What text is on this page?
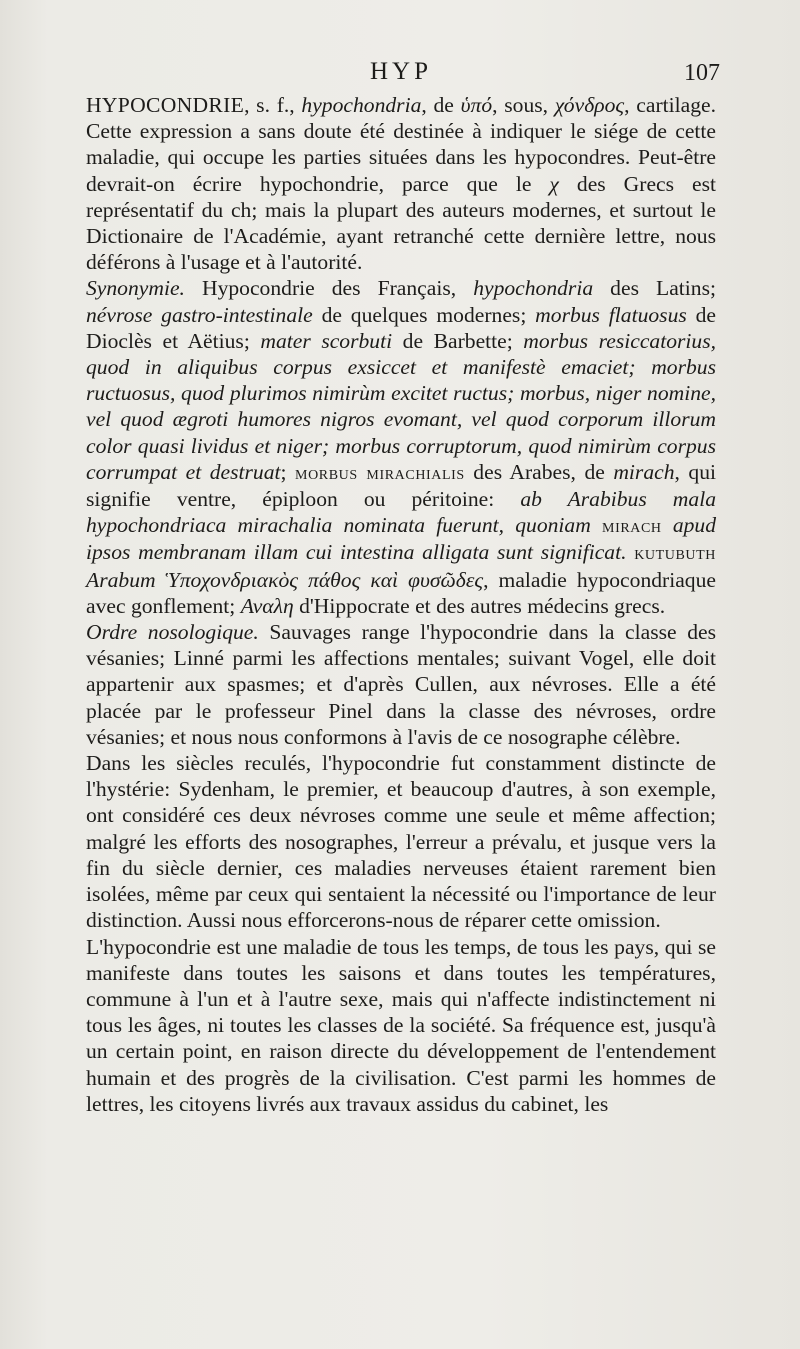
HYP	107

HYPOCONDRIE, s. f., hypochondria, de ὑπό, sous, χόνδρος, cartilage. Cette expression a sans doute été destinée à indiquer le siége de cette maladie, qui occupe les parties situées dans les hypocondres. Peut-être devrait-on écrire hypochondrie, parce que le χ des Grecs est représentatif du ch; mais la plupart des auteurs modernes, et surtout le Dictionaire de l'Académie, ayant retranché cette dernière lettre, nous déférons à l'usage et à l'autorité.

Synonymie. Hypocondrie des Français, hypochondria des Latins; névrose gastro-intestinale de quelques modernes; morbus flatuosus de Dioclès et Aëtius; mater scorbuti de Barbette; morbus resiccatorius, quod in aliquibus corpus exsiccet et manifestè emaciet; morbus ructuosus, quod plurimos nimirùm excitet ructus; morbus, niger nomine, vel quod ægroti humores nigros evomant, vel quod corporum illorum color quasi lividus et niger; morbus corruptorum, quod nimirùm corpus corrumpat et destruat; morbus mirachialis des Arabes, de mirach, qui signifie ventre, épiploon ou péritoine: ab Arabibus mala hypochondriaca mirachalia nominata fuerunt, quoniam mirach apud ipsos membranam illam cui intestina alligata sunt significat. kutubuth Arabum Ὑποχονδριακὸς πάθος καὶ φυσῶδες, maladie hypocondriaque avec gonflement; Αναλη d'Hippocrate et des autres médecins grecs.

Ordre nosologique. Sauvages range l'hypocondrie dans la classe des vésanies; Linné parmi les affections mentales; suivant Vogel, elle doit appartenir aux spasmes; et d'après Cullen, aux névroses. Elle a été placée par le professeur Pinel dans la classe des névroses, ordre vésanies; et nous nous conformons à l'avis de ce nosographe célèbre.

Dans les siècles reculés, l'hypocondrie fut constamment distincte de l'hystérie: Sydenham, le premier, et beaucoup d'autres, à son exemple, ont considéré ces deux névroses comme une seule et même affection; malgré les efforts des nosographes, l'erreur a prévalu, et jusque vers la fin du siècle dernier, ces maladies nerveuses étaient rarement bien isolées, même par ceux qui sentaient la nécessité ou l'importance de leur distinction. Aussi nous efforcerons-nous de réparer cette omission.

L'hypocondrie est une maladie de tous les temps, de tous les pays, qui se manifeste dans toutes les saisons et dans toutes les températures, commune à l'un et à l'autre sexe, mais qui n'affecte indistinctement ni tous les âges, ni toutes les classes de la société. Sa fréquence est, jusqu'à un certain point, en raison directe du développement de l'entendement humain et des progrès de la civilisation. C'est parmi les hommes de lettres, les citoyens livrés aux travaux assidus du cabinet, les
